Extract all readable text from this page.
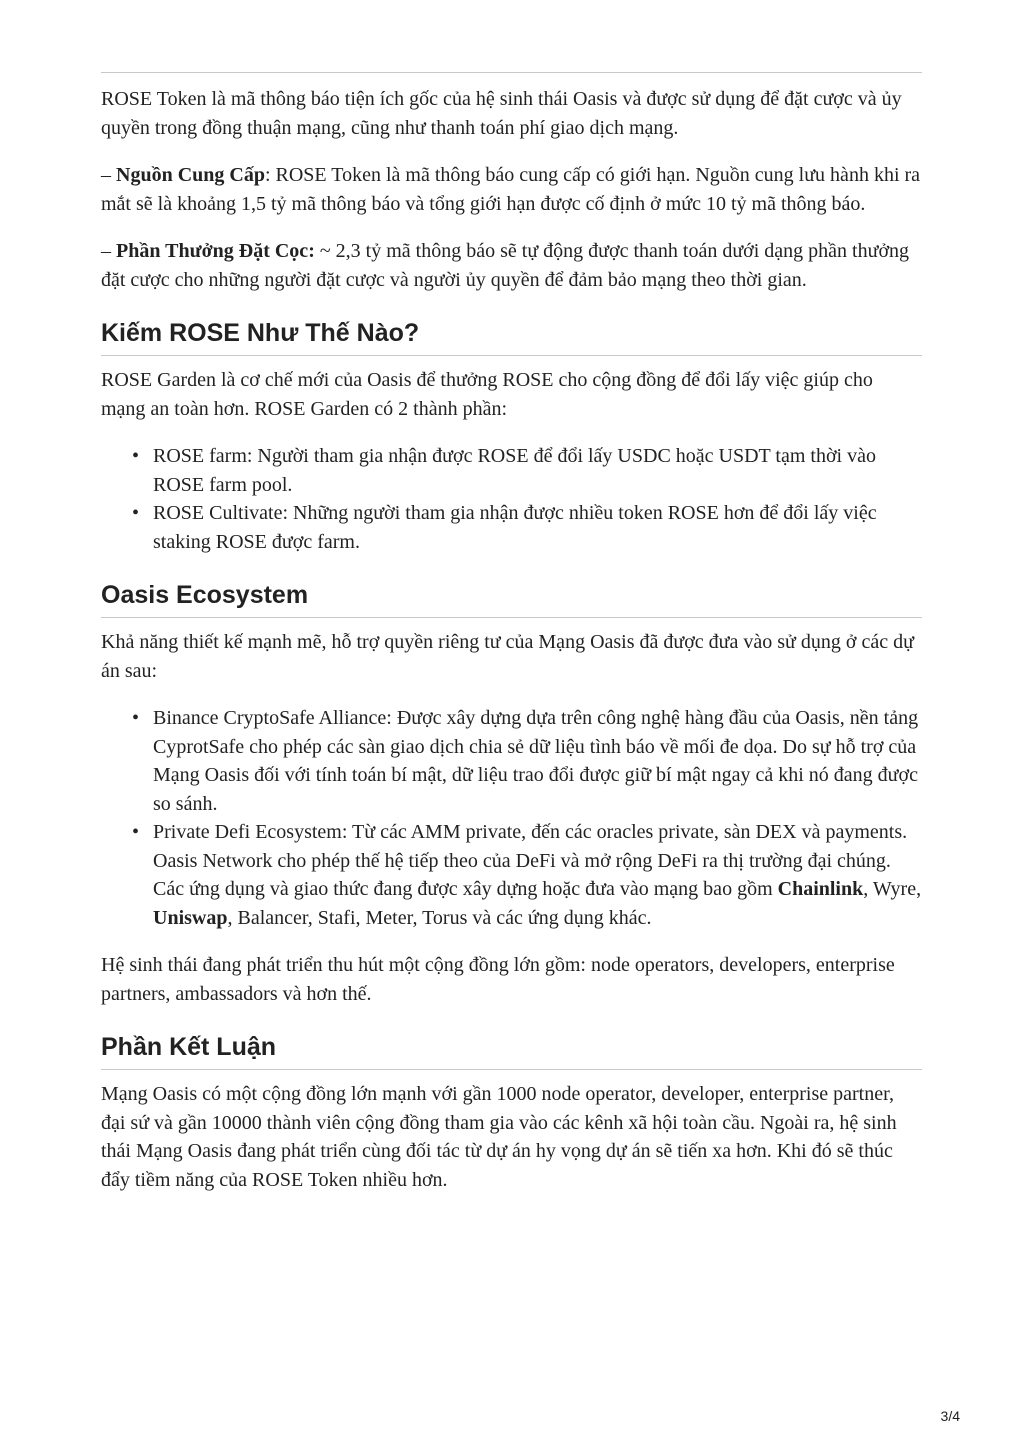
ROSE Token là mã thông báo tiện ích gốc của hệ sinh thái Oasis và được sử dụng để đặt cược và ủy quyền trong đồng thuận mạng, cũng như thanh toán phí giao dịch mạng.

– Nguồn Cung Cấp: ROSE Token là mã thông báo cung cấp có giới hạn. Nguồn cung lưu hành khi ra mắt sẽ là khoảng 1,5 tỷ mã thông báo và tổng giới hạn được cố định ở mức 10 tỷ mã thông báo.

– Phần Thưởng Đặt Cọc: ~ 2,3 tỷ mã thông báo sẽ tự động được thanh toán dưới dạng phần thưởng đặt cược cho những người đặt cược và người ủy quyền để đảm bảo mạng theo thời gian.

Kiếm ROSE Như Thế Nào?

ROSE Garden là cơ chế mới của Oasis để thưởng ROSE cho cộng đồng để đổi lấy việc giúp cho mạng an toàn hơn. ROSE Garden có 2 thành phần:

• ROSE farm: Người tham gia nhận được ROSE để đổi lấy USDC hoặc USDT tạm thời vào ROSE farm pool.
• ROSE Cultivate: Những người tham gia nhận được nhiều token ROSE hơn để đổi lấy việc staking ROSE được farm.
Oasis Ecosystem

Khả năng thiết kế mạnh mẽ, hỗ trợ quyền riêng tư của Mạng Oasis đã được đưa vào sử dụng ở các dự án sau:

• Binance CryptoSafe Alliance: Được xây dựng dựa trên công nghệ hàng đầu của Oasis, nền tảng CyprotSafe cho phép các sàn giao dịch chia sẻ dữ liệu tình báo về mối đe dọa. Do sự hỗ trợ của Mạng Oasis đối với tính toán bí mật, dữ liệu trao đổi được giữ bí mật ngay cả khi nó đang được so sánh.
• Private Defi Ecosystem: Từ các AMM private, đến các oracles private, sàn DEX và payments. Oasis Network cho phép thế hệ tiếp theo của DeFi và mở rộng DeFi ra thị trường đại chúng. Các ứng dụng và giao thức đang được xây dựng hoặc đưa vào mạng bao gồm Chainlink, Wyre, Uniswap, Balancer, Stafi, Meter, Torus và các ứng dụng khác.

Hệ sinh thái đang phát triển thu hút một cộng đồng lớn gồm: node operators, developers, enterprise partners, ambassadors và hơn thế.

Phần Kết Luận

Mạng Oasis có một cộng đồng lớn mạnh với gần 1000 node operator, developer, enterprise partner, đại sứ và gần 10000 thành viên cộng đồng tham gia vào các kênh xã hội toàn cầu. Ngoài ra, hệ sinh thái Mạng Oasis đang phát triển cùng đối tác từ dự án hy vọng dự án sẽ tiến xa hơn. Khi đó sẽ thúc đẩy tiềm năng của ROSE Token nhiều hơn.

3/4
